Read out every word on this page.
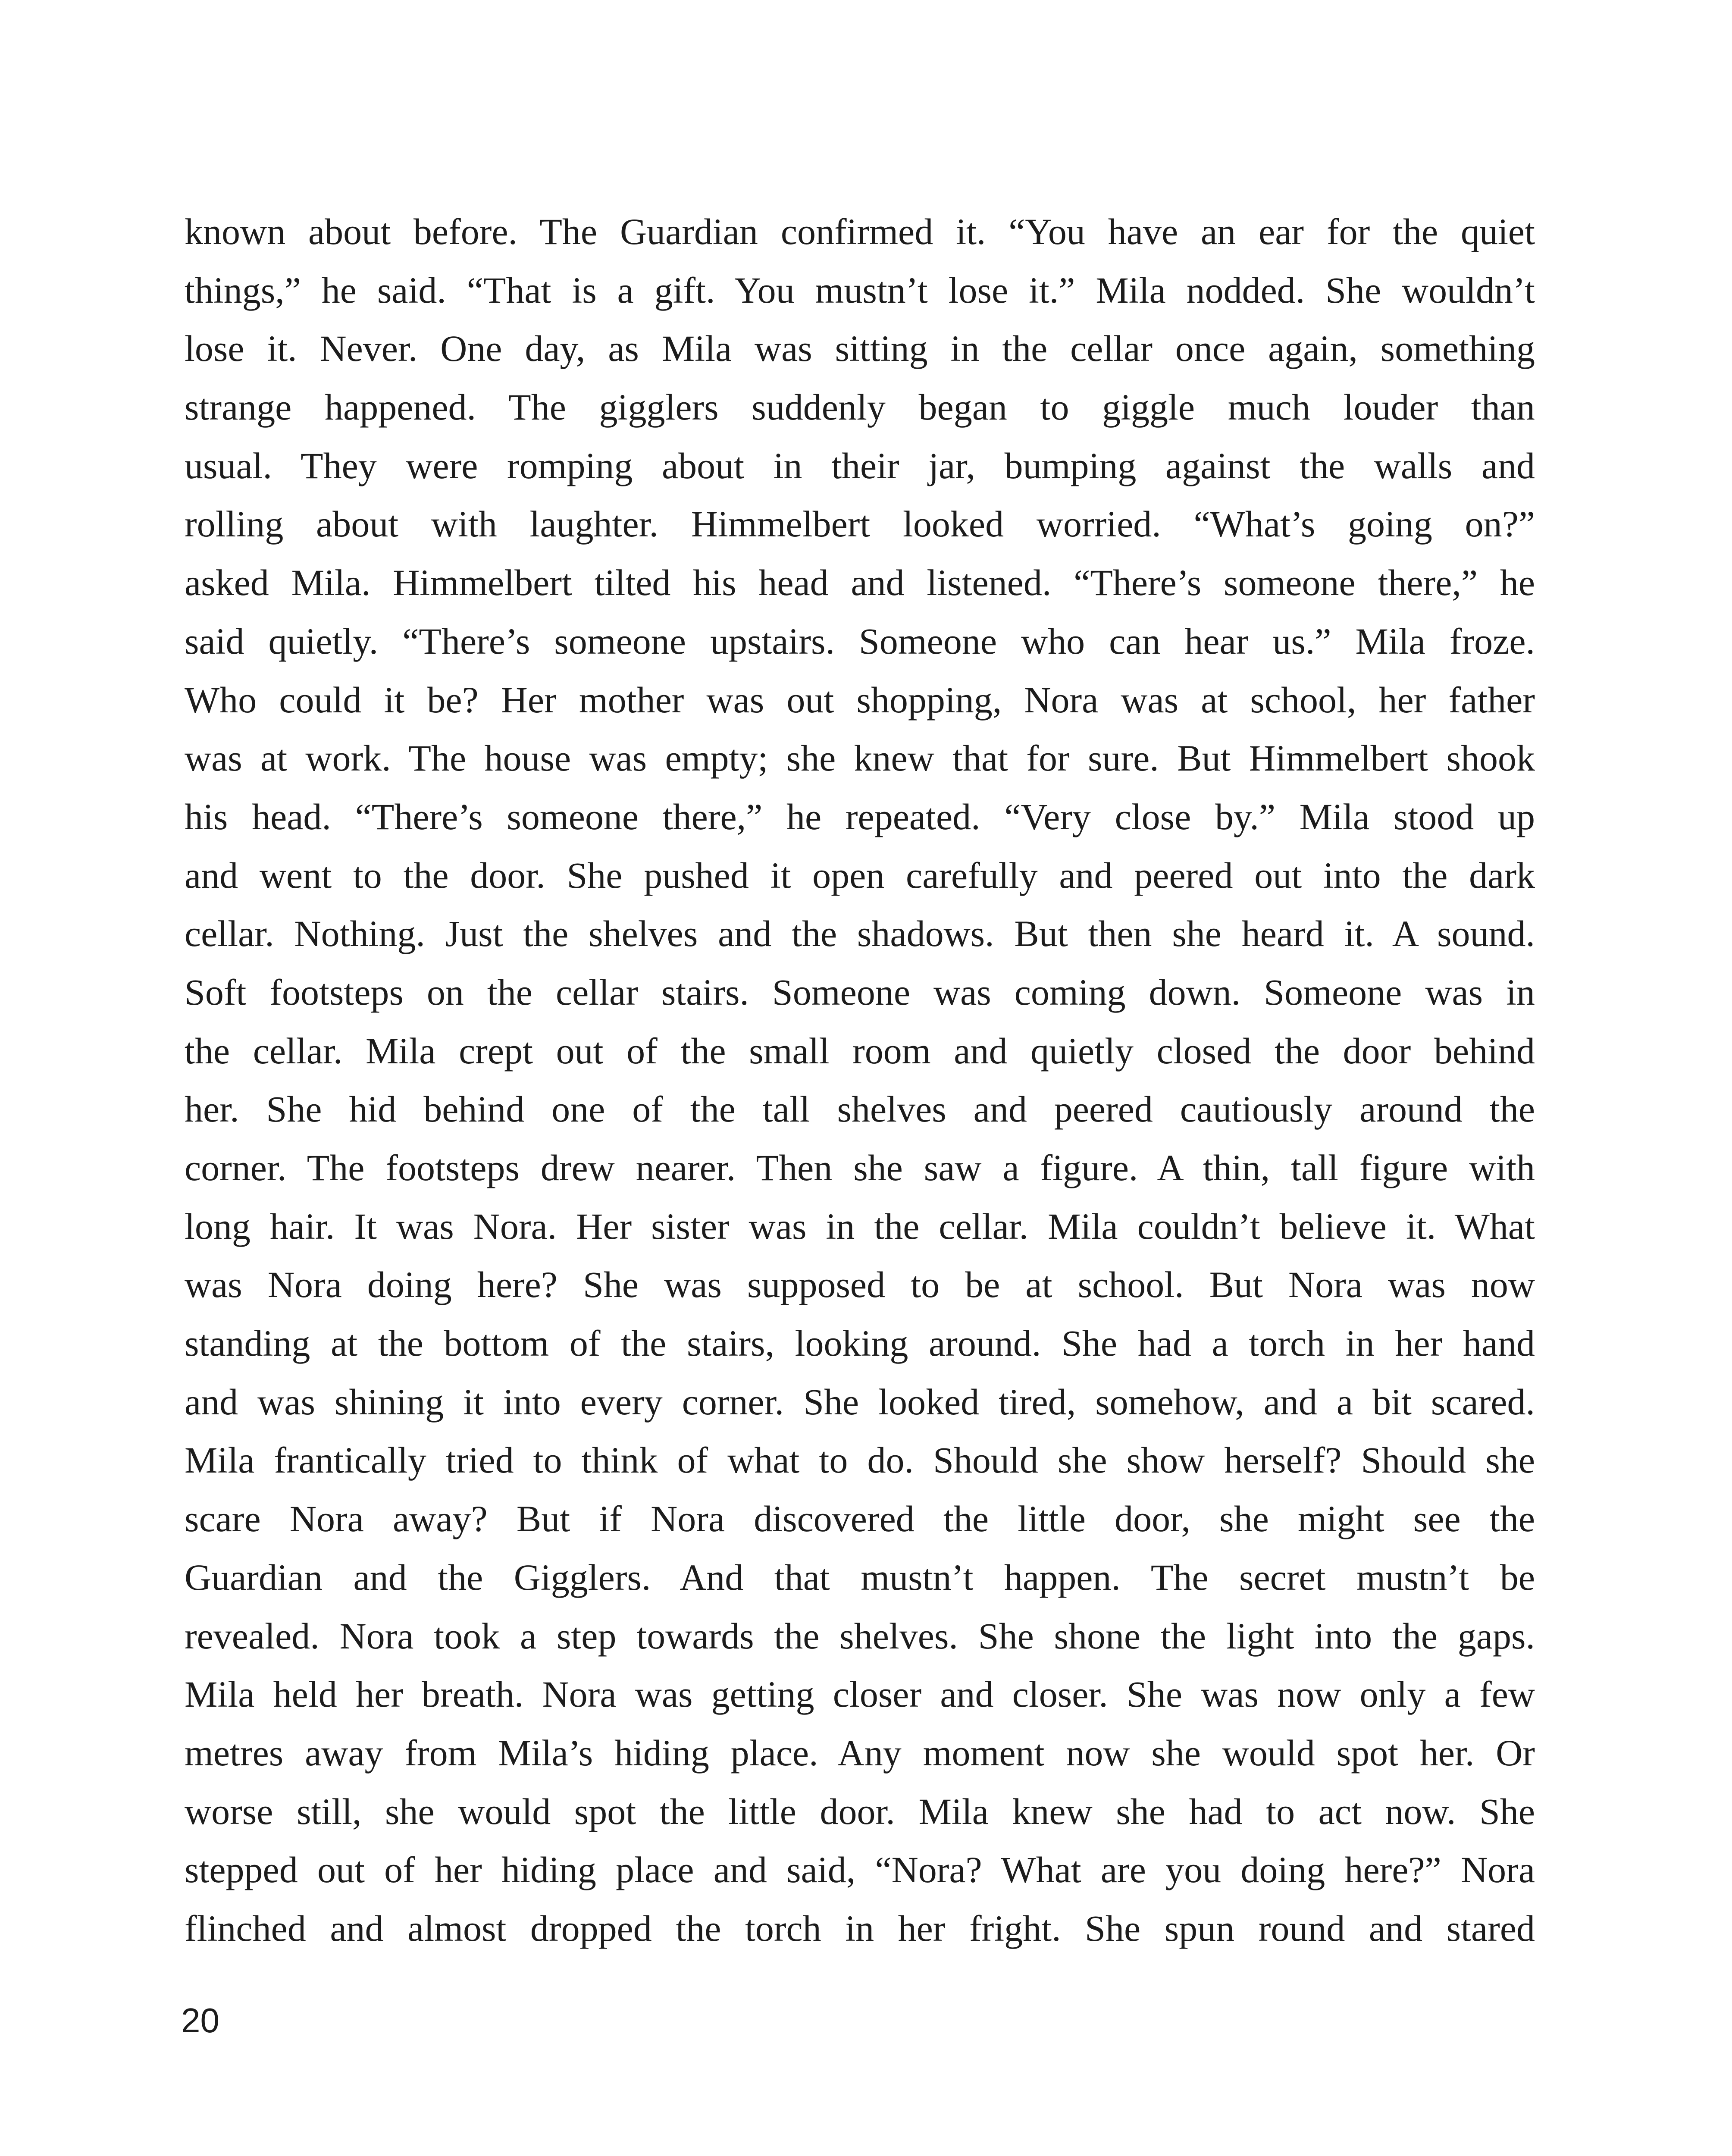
known about before. The Guardian confirmed it. “You have an ear for the quiet
things,” he said. “That is a gift. You mustn’t lose it.” Mila nodded. She wouldn’t
lose it. Never. One day, as Mila was sitting in the cellar once again, something
strange happened. The gigglers suddenly began to giggle much louder than
usual. They were romping about in their jar, bumping against the walls and
rolling about with laughter. Himmelbert looked worried. “What’s going on?”
asked Mila. Himmelbert tilted his head and listened. “There’s someone there,” he
said quietly. “There’s someone upstairs. Someone who can hear us.” Mila froze.
Who could it be? Her mother was out shopping, Nora was at school, her father
was at work. The house was empty; she knew that for sure. But Himmelbert shook
his head. “There’s someone there,” he repeated. “Very close by.” Mila stood up
and went to the door. She pushed it open carefully and peered out into the dark
cellar. Nothing. Just the shelves and the shadows. But then she heard it. A sound.
Soft footsteps on the cellar stairs. Someone was coming down. Someone was in
the cellar. Mila crept out of the small room and quietly closed the door behind
her. She hid behind one of the tall shelves and peered cautiously around the
corner. The footsteps drew nearer. Then she saw a figure. A thin, tall figure with
long hair. It was Nora. Her sister was in the cellar. Mila couldn’t believe it. What
was Nora doing here? She was supposed to be at school. But Nora was now
standing at the bottom of the stairs, looking around. She had a torch in her hand
and was shining it into every corner. She looked tired, somehow, and a bit scared.
Mila frantically tried to think of what to do. Should she show herself? Should she
scare Nora away? But if Nora discovered the little door, she might see the
Guardian and the Gigglers. And that mustn’t happen. The secret mustn’t be
revealed. Nora took a step towards the shelves. She shone the light into the gaps.
Mila held her breath. Nora was getting closer and closer. She was now only a few
metres away from Mila’s hiding place. Any moment now she would spot her. Or
worse still, she would spot the little door. Mila knew she had to act now. She
stepped out of her hiding place and said, “Nora? What are you doing here?” Nora
flinched and almost dropped the torch in her fright. She spun round and stared
20
